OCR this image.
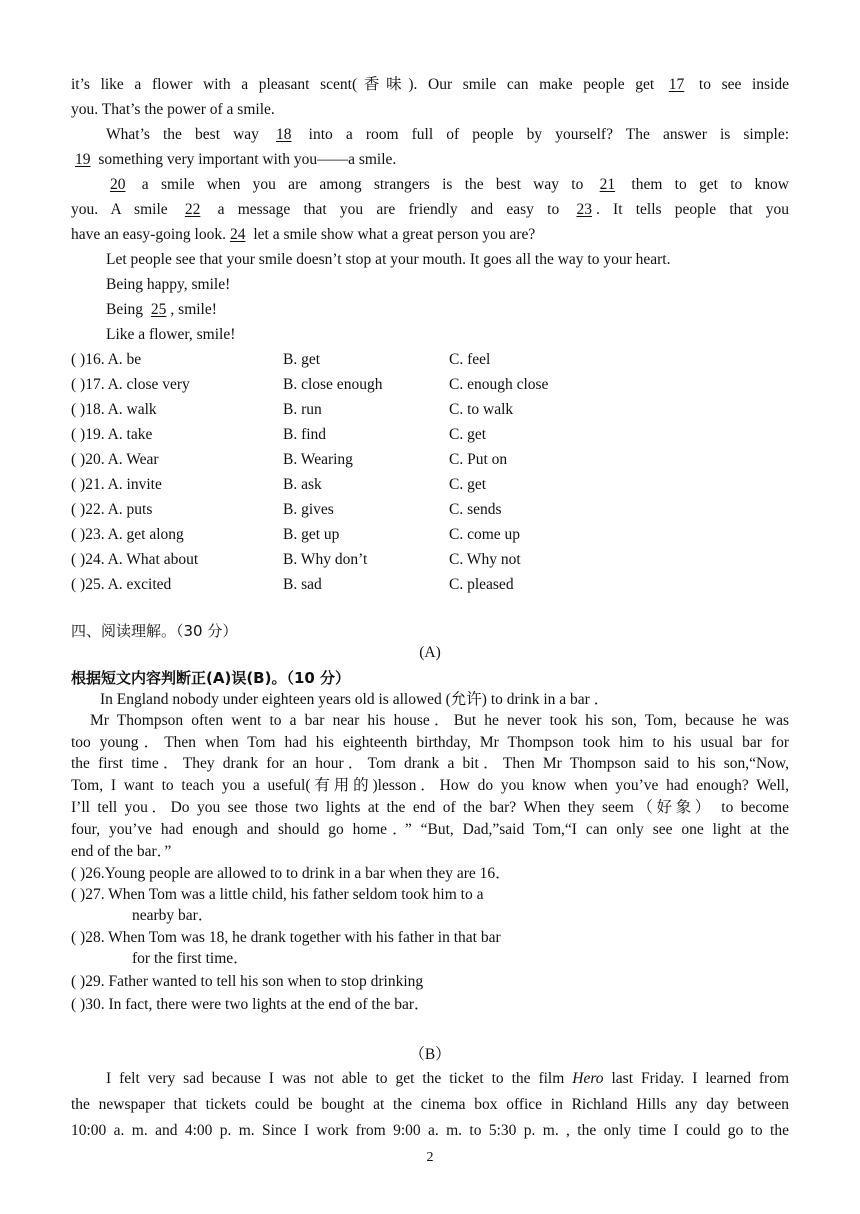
it’s like a flower with a pleasant scent(香味). Our smile can make people get 17 to see inside
you. That’s the power of a smile.
What’s the best way 18 into a room full of people by yourself? The answer is simple:
19 something very important with you——a smile.
20 a smile when you are among strangers is the best way to 21 them to get to know
you. A smile 22 a message that you are friendly and easy to 23 . It tells people that you
have an easy-going look. 24 let a smile show what a great person you are?
Let people see that your smile doesn’t stop at your mouth. It goes all the way to your heart.
Being happy, smile!
Being 25 , smile!
Like a flower, smile!
( )16. A. be	B. get	C. feel
( )17. A. close very	B. close enough	C. enough close
( )18. A. walk	B. run	C. to walk
( )19. A. take	B. find	C. get
( )20. A. Wear	B. Wearing	C. Put on
( )21. A. invite	B. ask	C. get
( )22. A. puts	B. gives	C. sends
( )23. A. get along	B. get up	C. come up
( )24. A. What about	B. Why don’t	C. Why not
( )25. A. excited	B. sad	C. pleased
四、阅读理解。（30 分）
(A)
根据短文内容判断正(A)误(B)。（10 分）
In England nobody under eighteen years old is allowed (允许) to drink in a bar ．
Mr Thompson often went to a bar near his house．But he never took his son, Tom, because he was
too young．Then when Tom had his eighteenth birthday, Mr Thompson took him to his usual bar for
the first time．They drank for an hour．Tom drank a bit．Then Mr Thompson said to his son,“Now,
Tom, I want to teach you a useful(有用的)lesson．How do you know when you’ve had enough? Well,
I’ll tell you．Do you see those two lights at the end of the bar? When they seem（好象） to become
four, you’ve had enough and should go home．” “But, Dad,”said Tom,“I can only see one light at the
end of the bar．”
( )26.Young people are allowed to to drink in a bar when they are 16．
( )27. When Tom was a little child, his father seldom took him to a
nearby bar．
( )28. When Tom was 18, he drank together with his father in that bar
for the first time．
( )29. Father wanted to tell his son when to stop drinking
( )30. In fact, there were two lights at the end of the bar．
（B）
I felt very sad because I was not able to get the ticket to the film Hero last Friday. I learned from
the newspaper that tickets could be bought at the cinema box office in Richland Hills any day between
10:00 a. m. and 4:00 p. m. Since I work from 9:00 a. m. to 5:30 p. m. , the only time I could go to the
2
